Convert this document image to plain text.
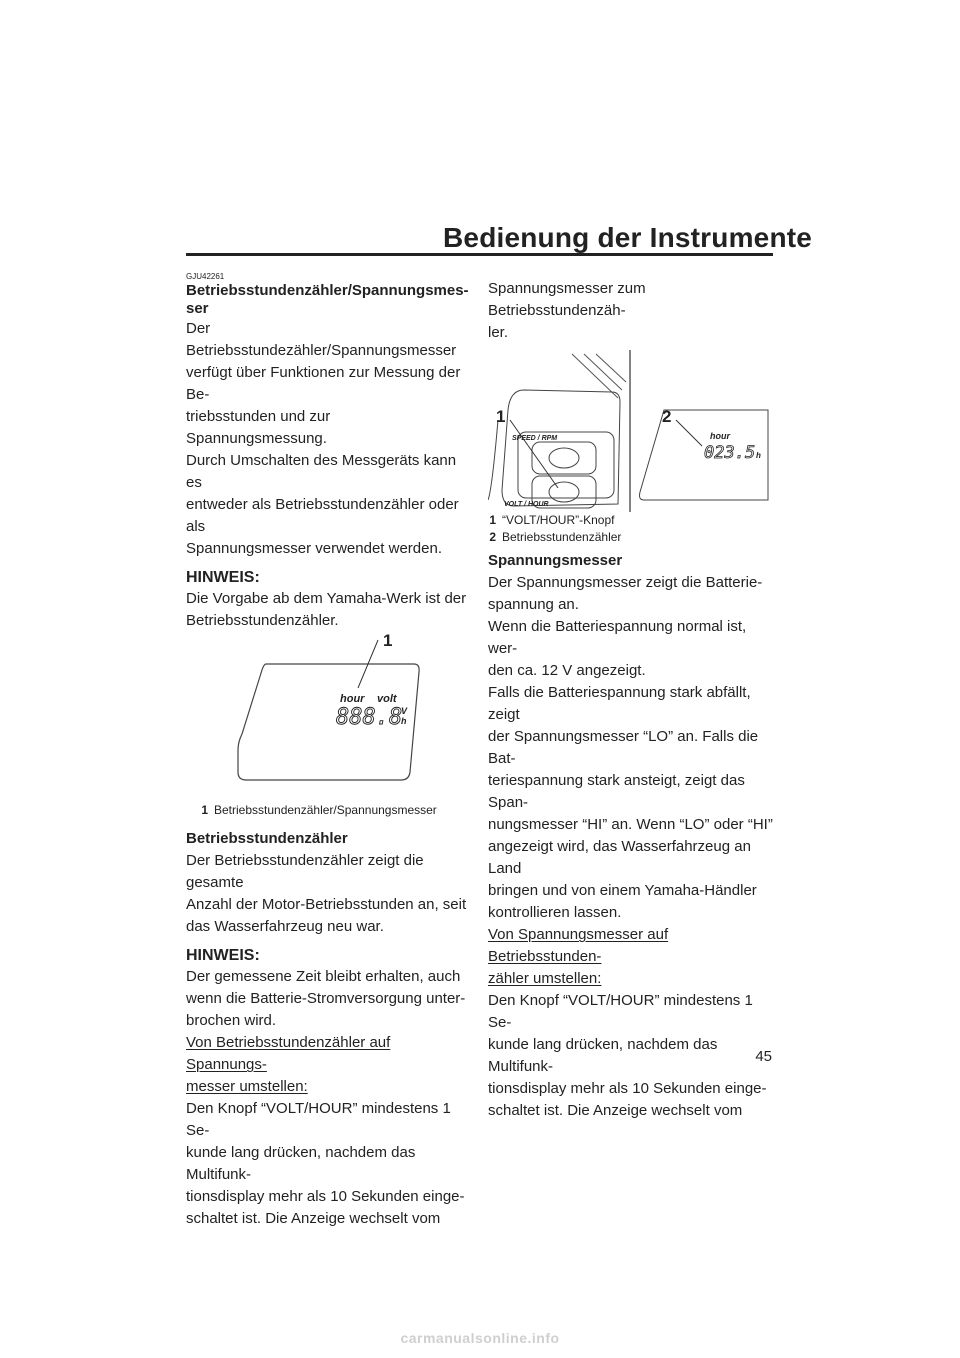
Bedienung der Instrumente

GJU42261

Betriebsstundenzähler/Spannungsmes-

ser

Der Betriebsstundezähler/Spannungsmesser

verfügt über Funktionen zur Messung der Be-

triebsstunden und zur Spannungsmessung.

Durch Umschalten des Messgeräts kann es

entweder als Betriebsstundenzähler oder als

Spannungsmesser verwendet werden.

HINWEIS:

Die Vorgabe ab dem Yamaha-Werk ist der

Betriebsstundenzähler.

1
hour volt
888.8
V
h
1 Betriebsstundenzähler/Spannungsmesser

Betriebsstundenzähler

Der Betriebsstundenzähler zeigt die gesamte

Anzahl der Motor-Betriebsstunden an, seit

das Wasserfahrzeug neu war.

HINWEIS:

Der gemessene Zeit bleibt erhalten, auch

wenn die Batterie-Stromversorgung unter-

brochen wird.

Von Betriebsstundenzähler auf Spannungs-

messer umstellen:

Den Knopf “VOLT/HOUR” mindestens 1 Se-

kunde lang drücken, nachdem das Multifunk-

tionsdisplay mehr als 10 Sekunden einge-

schaltet ist. Die Anzeige wechselt vom

Spannungsmesser zum Betriebsstundenzäh-

ler.

SPEED / RPM
VOLT / HOUR
1	2
hour
023.5 h
1 “VOLT/HOUR”-Knopf
2 Betriebsstundenzähler

Spannungsmesser

Der Spannungsmesser zeigt die Batterie-

spannung an.

Wenn die Batteriespannung normal ist, wer-

den ca. 12 V angezeigt.

Falls die Batteriespannung stark abfällt, zeigt

der Spannungsmesser “LO” an. Falls die Bat-

teriespannung stark ansteigt, zeigt das Span-

nungsmesser “HI” an. Wenn “LO” oder “HI”

angezeigt wird, das Wasserfahrzeug an Land

bringen und von einem Yamaha-Händler

kontrollieren lassen.

Von Spannungsmesser auf Betriebsstunden-

zähler umstellen:

Den Knopf “VOLT/HOUR” mindestens 1 Se-

kunde lang drücken, nachdem das Multifunk-

tionsdisplay mehr als 10 Sekunden einge-

schaltet ist. Die Anzeige wechselt vom

45
carmanualsonline.info
